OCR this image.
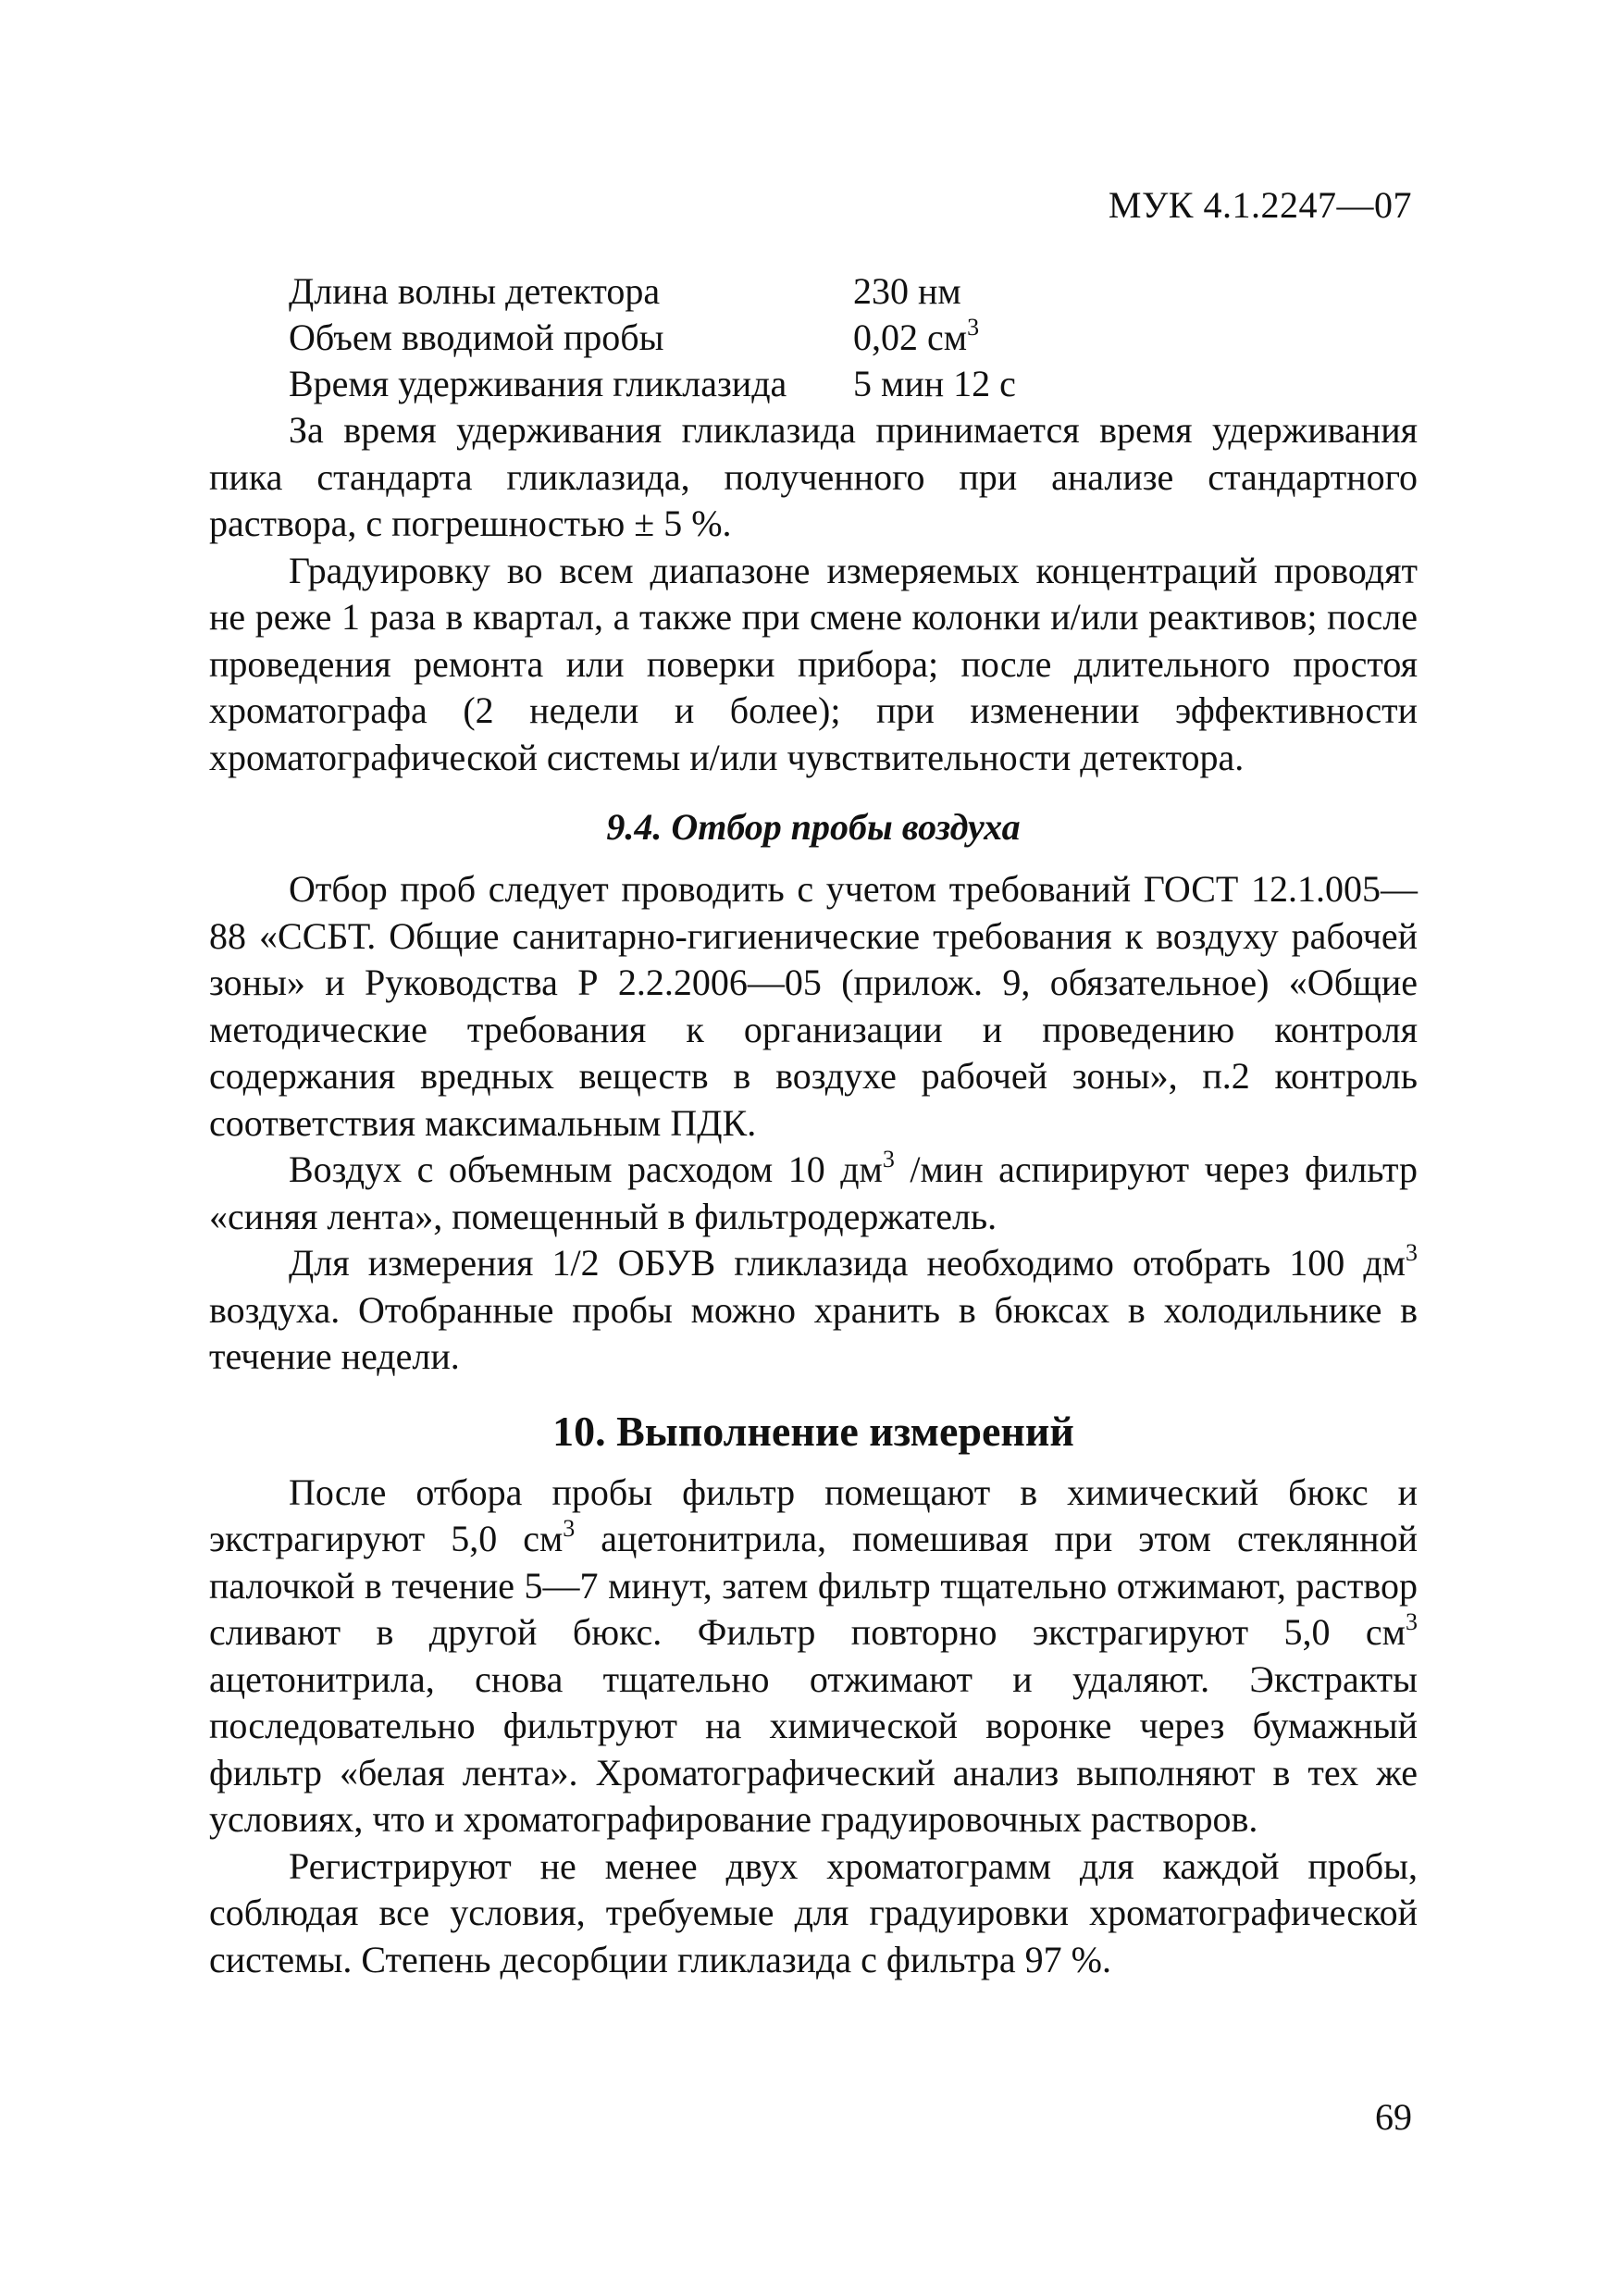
МУК 4.1.2247—07
Длина волны детектора	230 нм
Объем вводимой пробы	0,02 $см^3$
Время удерживания гликлазида	5 мин 12 с

За время удерживания гликлазида принимается время удерживания пика стандарта гликлазида, полученного при анализе стандартного раствора, с погрешностью ± 5 %.

Градуировку во всем диапазоне измеряемых концентраций проводят не реже 1 раза в квартал, а также при смене колонки и/или реактивов; после проведения ремонта или поверки прибора; после длительного простоя хроматографа (2 недели и более); при изменении эффективности хроматографической системы и/или чувствительности детектора.

9.4. Отбор пробы воздуха

Отбор проб следует проводить с учетом требований ГОСТ 12.1.005—88 «ССБТ. Общие санитарно-гигиенические требования к воздуху рабочей зоны» и Руководства Р 2.2.2006—05 (прилож. 9, обязательное) «Общие методические требования к организации и проведению контроля содержания вредных веществ в воздухе рабочей зоны», п.2 контроль соответствия максимальным ПДК.

Воздух с объемным расходом 10 $дм^3$ /мин аспирируют через фильтр «синяя лента», помещенный в фильтродержатель.

Для измерения 1/2 ОБУВ гликлазида необходимо отобрать 100 $дм^3$ воздуха. Отобранные пробы можно хранить в бюксах в холодильнике в течение недели.

10. Выполнение измерений

После отбора пробы фильтр помещают в химический бюкс и экстрагируют 5,0 $см^3$ ацетонитрила, помешивая при этом стеклянной палочкой в течение 5—7 минут, затем фильтр тщательно отжимают, раствор сливают в другой бюкс. Фильтр повторно экстрагируют 5,0 $см^3$ ацетонитрила, снова тщательно отжимают и удаляют. Экстракты последовательно фильтруют на химической воронке через бумажный фильтр «белая лента». Хроматографический анализ выполняют в тех же условиях, что и хроматографирование градуировочных растворов.

Регистрируют не менее двух хроматограмм для каждой пробы, соблюдая все условия, требуемые для градуировки хроматографической системы. Степень десорбции гликлазида с фильтра 97 %.

69
